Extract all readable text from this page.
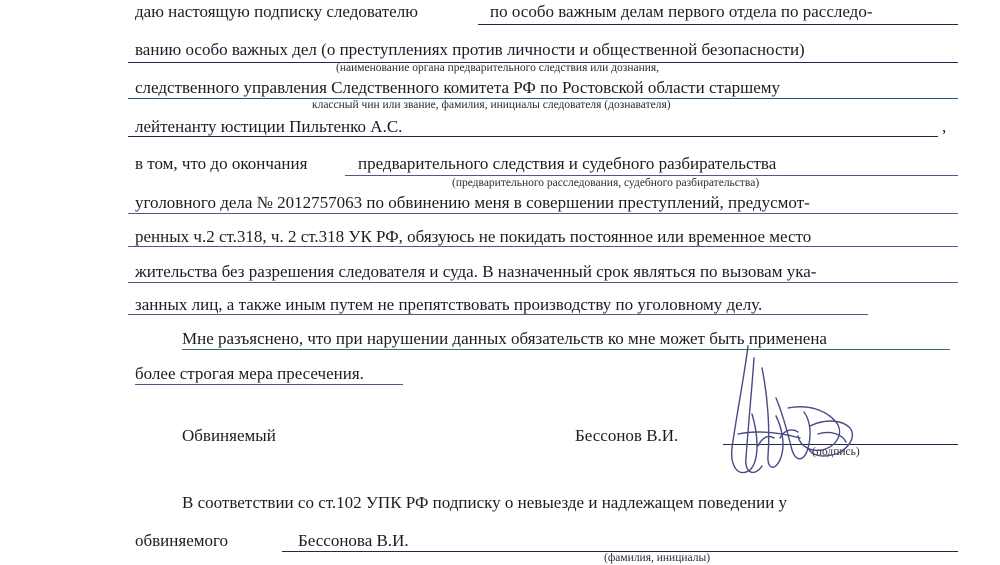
даю настоящую подписку следователю	по особо важным делам первого отдела по расследо-
ванию особо важных дел (о преступлениях против личности и общественной безопасности)
(наименование органа предварительного следствия или дознания,
следственного управления Следственного комитета РФ по Ростовской области старшему
классный чин или звание, фамилия, инициалы следователя (дознавателя)
лейтенанту юстиции Пильтенко А.С.	,
в том, что до окончания	предварительного следствия и судебного разбирательства
(предварительного расследования, судебного разбирательства)
уголовного дела № 2012757063 по обвинению меня в совершении преступлений, предусмот-
ренных ч.2 ст.318, ч. 2 ст.318 УК РФ, обязуюсь не покидать постоянное или временное место
жительства без разрешения следователя и суда. В назначенный срок являться по вызовам ука-
занных лиц, а также иным путем не препятствовать производству по уголовному делу.
Мне разъяснено, что при нарушении данных обязательств ко мне может быть применена
более строгая мера пресечения.
Обвиняемый	Бессонов В.И.
(подпись)
В соответствии со ст.102 УПК РФ подписку о невыезде и надлежащем поведении у
обвиняемого	Бессонова В.И.
(фамилия, инициалы)
